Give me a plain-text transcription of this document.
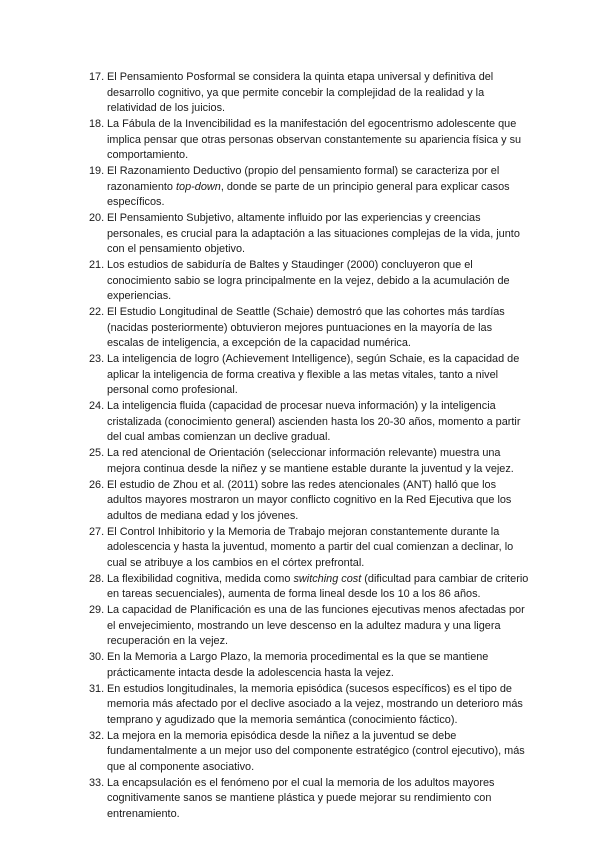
17. El Pensamiento Posformal se considera la quinta etapa universal y definitiva del desarrollo cognitivo, ya que permite concebir la complejidad de la realidad y la relatividad de los juicios.
18. La Fábula de la Invencibilidad es la manifestación del egocentrismo adolescente que implica pensar que otras personas observan constantemente su apariencia física y su comportamiento.
19. El Razonamiento Deductivo (propio del pensamiento formal) se caracteriza por el razonamiento top-down, donde se parte de un principio general para explicar casos específicos.
20. El Pensamiento Subjetivo, altamente influido por las experiencias y creencias personales, es crucial para la adaptación a las situaciones complejas de la vida, junto con el pensamiento objetivo.
21. Los estudios de sabiduría de Baltes y Staudinger (2000) concluyeron que el conocimiento sabio se logra principalmente en la vejez, debido a la acumulación de experiencias.
22. El Estudio Longitudinal de Seattle (Schaie) demostró que las cohortes más tardías (nacidas posteriormente) obtuvieron mejores puntuaciones en la mayoría de las escalas de inteligencia, a excepción de la capacidad numérica.
23. La inteligencia de logro (Achievement Intelligence), según Schaie, es la capacidad de aplicar la inteligencia de forma creativa y flexible a las metas vitales, tanto a nivel personal como profesional.
24. La inteligencia fluida (capacidad de procesar nueva información) y la inteligencia cristalizada (conocimiento general) ascienden hasta los 20-30 años, momento a partir del cual ambas comienzan un declive gradual.
25. La red atencional de Orientación (seleccionar información relevante) muestra una mejora continua desde la niñez y se mantiene estable durante la juventud y la vejez.
26. El estudio de Zhou et al. (2011) sobre las redes atencionales (ANT) halló que los adultos mayores mostraron un mayor conflicto cognitivo en la Red Ejecutiva que los adultos de mediana edad y los jóvenes.
27. El Control Inhibitorio y la Memoria de Trabajo mejoran constantemente durante la adolescencia y hasta la juventud, momento a partir del cual comienzan a declinar, lo cual se atribuye a los cambios en el córtex prefrontal.
28. La flexibilidad cognitiva, medida como switching cost (dificultad para cambiar de criterio en tareas secuenciales), aumenta de forma lineal desde los 10 a los 86 años.
29. La capacidad de Planificación es una de las funciones ejecutivas menos afectadas por el envejecimiento, mostrando un leve descenso en la adultez madura y una ligera recuperación en la vejez.
30. En la Memoria a Largo Plazo, la memoria procedimental es la que se mantiene prácticamente intacta desde la adolescencia hasta la vejez.
31. En estudios longitudinales, la memoria episódica (sucesos específicos) es el tipo de memoria más afectado por el declive asociado a la vejez, mostrando un deterioro más temprano y agudizado que la memoria semántica (conocimiento fáctico).
32. La mejora en la memoria episódica desde la niñez a la juventud se debe fundamentalmente a un mejor uso del componente estratégico (control ejecutivo), más que al componente asociativo.
33. La encapsulación es el fenómeno por el cual la memoria de los adultos mayores cognitivamente sanos se mantiene plástica y puede mejorar su rendimiento con entrenamiento.
